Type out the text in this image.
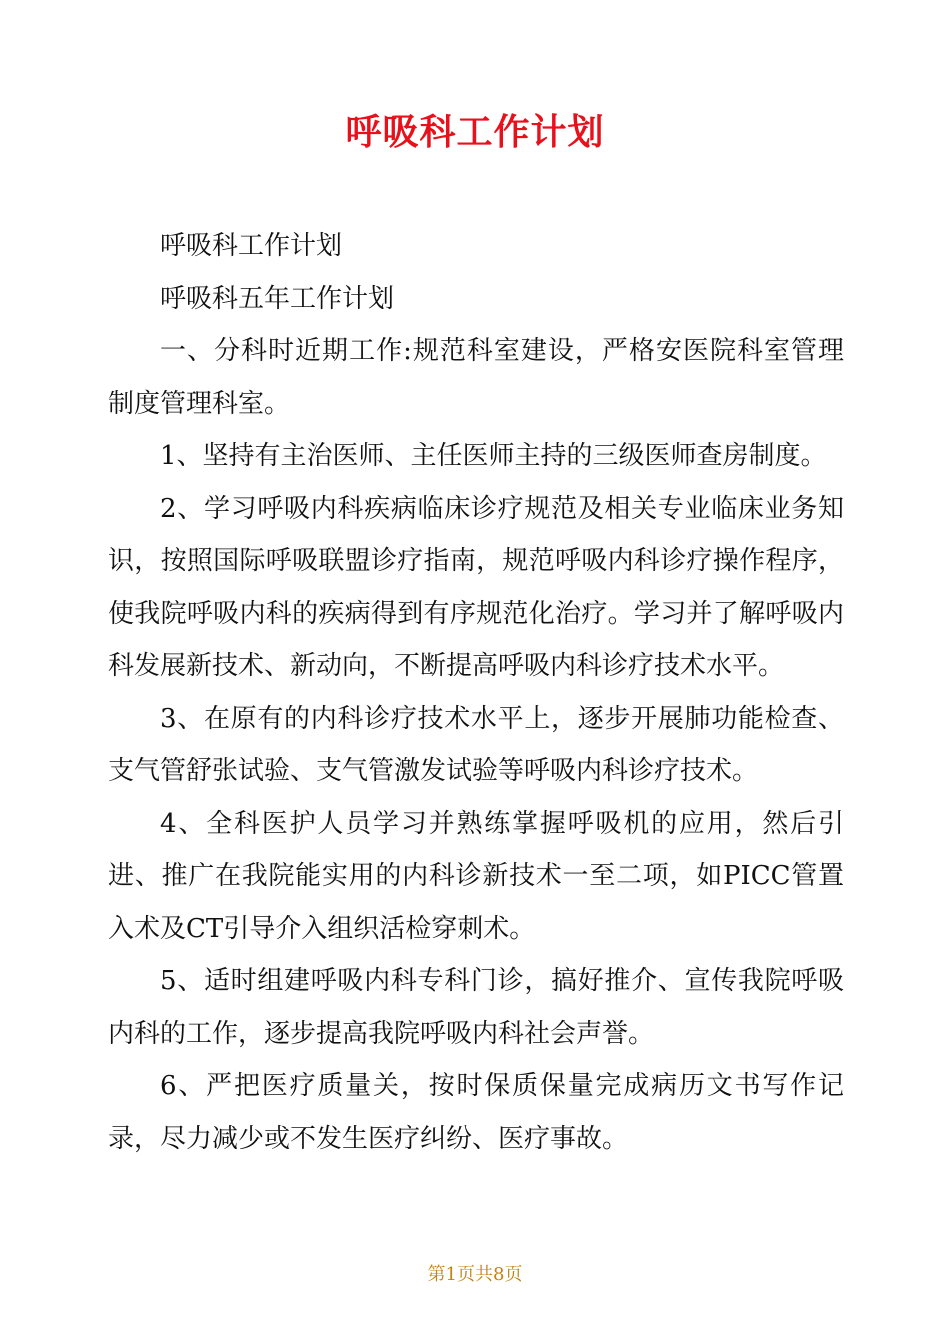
呼吸科工作计划

呼吸科工作计划

呼吸科五年工作计划

一、分科时近期工作:规范科室建设，严格安医院科室管理制度管理科室。

1、坚持有主治医师、主任医师主持的三级医师查房制度。

2、学习呼吸内科疾病临床诊疗规范及相关专业临床业务知识，按照国际呼吸联盟诊疗指南，规范呼吸内科诊疗操作程序，使我院呼吸内科的疾病得到有序规范化治疗。学习并了解呼吸内科发展新技术、新动向，不断提高呼吸内科诊疗技术水平。

3、在原有的内科诊疗技术水平上，逐步开展肺功能检查、支气管舒张试验、支气管激发试验等呼吸内科诊疗技术。

4、全科医护人员学习并熟练掌握呼吸机的应用，然后引进、推广在我院能实用的内科诊新技术一至二项，如PICC管置入术及CT引导介入组织活检穿刺术。

5、适时组建呼吸内科专科门诊，搞好推介、宣传我院呼吸内科的工作，逐步提高我院呼吸内科社会声誉。

6、严把医疗质量关，按时保质保量完成病历文书写作记录，尽力减少或不发生医疗纠纷、医疗事故。

第1页共8页
